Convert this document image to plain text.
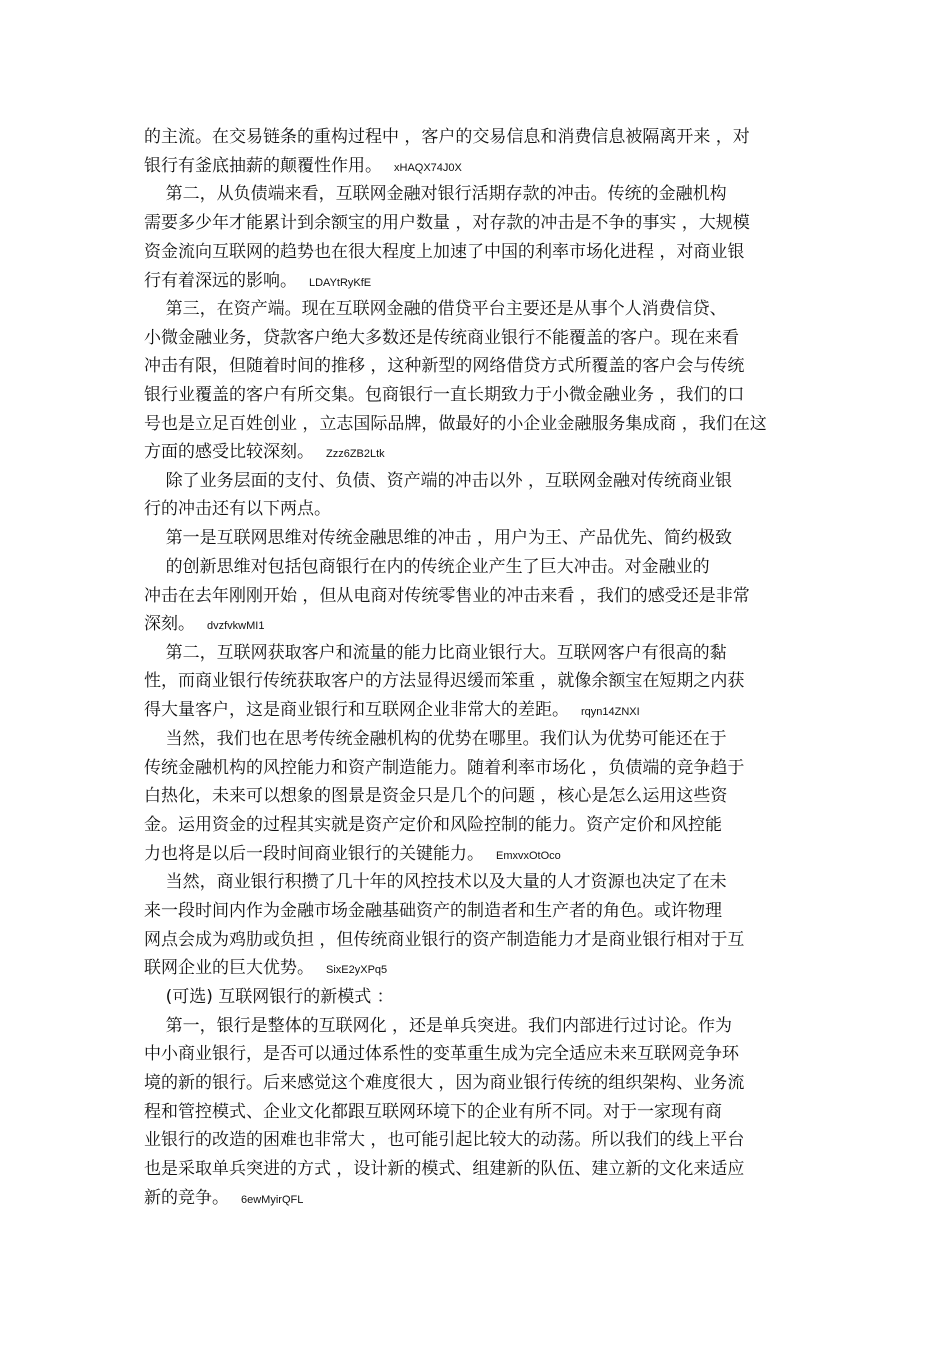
的主流。在交易链条的重构过程中 ，客户的交易信息和消费信息被隔离开来 ，对
银行有釜底抽薪的颠覆性作用。 xHAQX74J0X
第二，从负债端来看，互联网金融对银行活期存款的冲击。传统的金融机构
需要多少年才能累计到余额宝的用户数量 ，对存款的冲击是不争的事实 ，大规模
资金流向互联网的趋势也在很大程度上加速了中国的利率市场化进程 ，对商业银
行有着深远的影响。 LDAYtRyKfE
第三，在资产端。现在互联网金融的借贷平台主要还是从事个人消费信贷、
小微金融业务，贷款客户绝大多数还是传统商业银行不能覆盖的客户。现在来看
冲击有限，但随着时间的推移 ，这种新型的网络借贷方式所覆盖的客户会与传统
银行业覆盖的客户有所交集。包商银行一直长期致力于小微金融业务 ，我们的口
号也是立足百姓创业 ，立志国际品牌，做最好的小企业金融服务集成商 ，我们在这
方面的感受比较深刻。 Zzz6ZB2Ltk
除了业务层面的支付、负债、资产端的冲击以外 ，互联网金融对传统商业银
行的冲击还有以下两点。
第一是互联网思维对传统金融思维的冲击 ，用户为王、产品优先、简约极致
的创新思维对包括包商银行在内的传统企业产生了巨大冲击。对金融业的
冲击在去年刚刚开始 ，但从电商对传统零售业的冲击来看 ，我们的感受还是非常
深刻。 dvzfvkwMI1
第二，互联网获取客户和流量的能力比商业银行大。互联网客户有很高的黏
性，而商业银行传统获取客户的方法显得迟缓而笨重 ，就像余额宝在短期之内获
得大量客户，这是商业银行和互联网企业非常大的差距。 rqyn14ZNXI
当然，我们也在思考传统金融机构的优势在哪里。我们认为优势可能还在于
传统金融机构的风控能力和资产制造能力。随着利率市场化 ，负债端的竞争趋于
白热化，未来可以想象的图景是资金只是几个的问题 ，核心是怎么运用这些资
金。运用资金的过程其实就是资产定价和风险控制的能力。资产定价和风控能
力也将是以后一段时间商业银行的关键能力。 EmxvxOtOco
当然，商业银行积攒了几十年的风控技术以及大量的人才资源也决定了在未
来一段时间内作为金融市场金融基础资产的制造者和生产者的角色。或许物理
网点会成为鸡肋或负担 ，但传统商业银行的资产制造能力才是商业银行相对于互
联网企业的巨大优势。 SixE2yXPq5
(可选) 互联网银行的新模式 ：
第一，银行是整体的互联网化 ，还是单兵突进。我们内部进行过讨论。作为
中小商业银行，是否可以通过体系性的变革重生成为完全适应未来互联网竞争环
境的新的银行。后来感觉这个难度很大 ，因为商业银行传统的组织架构、业务流
程和管控模式、企业文化都跟互联网环境下的企业有所不同。对于一家现有商
业银行的改造的困难也非常大 ，也可能引起比较大的动荡。所以我们的线上平台
也是采取单兵突进的方式 ，设计新的模式、组建新的队伍、建立新的文化来适应
新的竞争。 6ewMyirQFL
